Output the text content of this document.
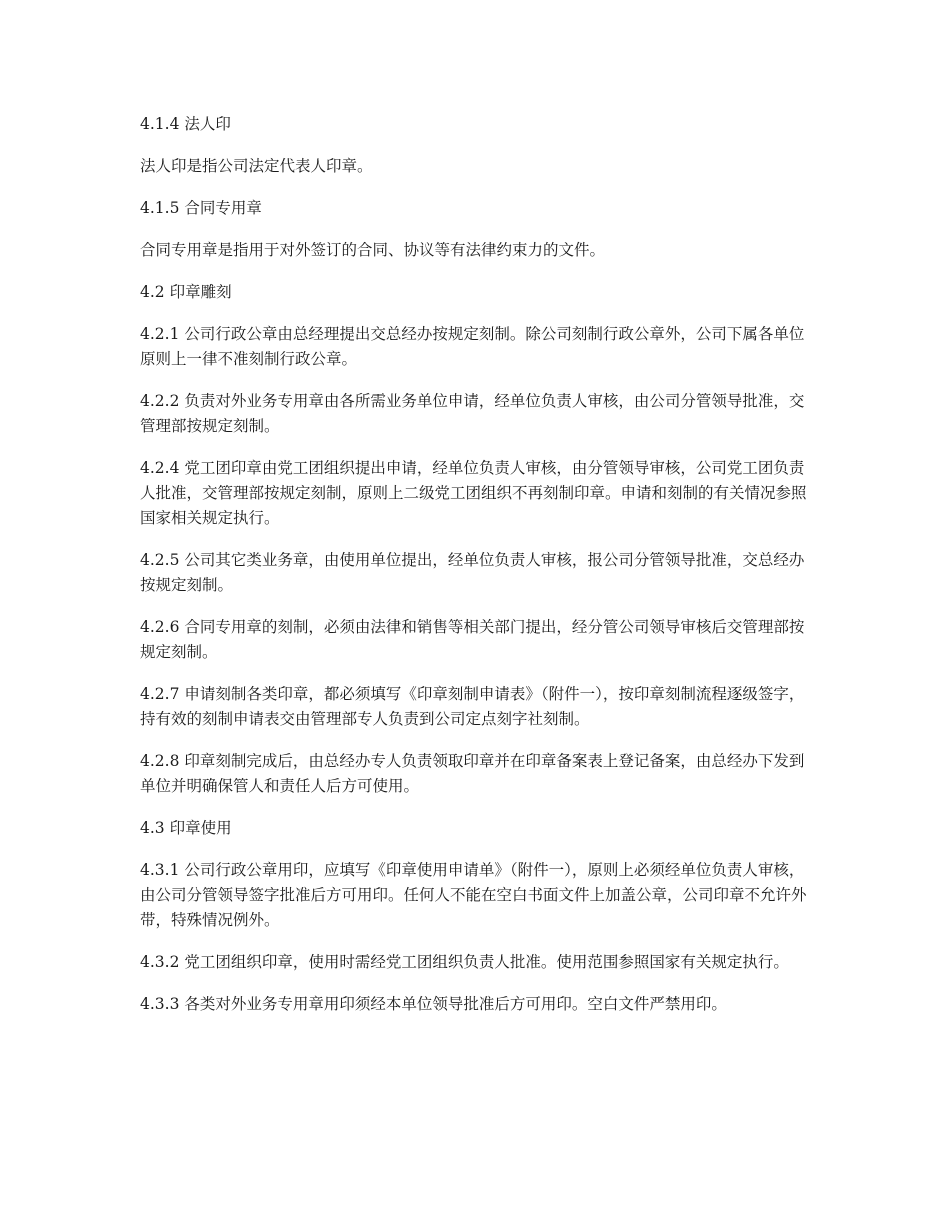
4.1.4 法人印

法人印是指公司法定代表人印章。

4.1.5 合同专用章

合同专用章是指用于对外签订的合同、协议等有法律约束力的文件。

4.2 印章雕刻

4.2.1 公司行政公章由总经理提出交总经办按规定刻制。除公司刻制行政公章外，公司下属各单位原则上一律不准刻制行政公章。

4.2.2 负责对外业务专用章由各所需业务单位申请，经单位负责人审核，由公司分管领导批准，交管理部按规定刻制。

4.2.4 党工团印章由党工团组织提出申请，经单位负责人审核，由分管领导审核，公司党工团负责人批准，交管理部按规定刻制，原则上二级党工团组织不再刻制印章。申请和刻制的有关情况参照国家相关规定执行。

4.2.5 公司其它类业务章，由使用单位提出，经单位负责人审核，报公司分管领导批准，交总经办按规定刻制。

4.2.6 合同专用章的刻制，必须由法律和销售等相关部门提出，经分管公司领导审核后交管理部按规定刻制。

4.2.7 申请刻制各类印章，都必须填写《印章刻制申请表》（附件一），按印章刻制流程逐级签字，持有效的刻制申请表交由管理部专人负责到公司定点刻字社刻制。

4.2.8 印章刻制完成后，由总经办专人负责领取印章并在印章备案表上登记备案，由总经办下发到单位并明确保管人和责任人后方可使用。

4.3 印章使用

4.3.1 公司行政公章用印，应填写《印章使用申请单》（附件一），原则上必须经单位负责人审核，由公司分管领导签字批准后方可用印。任何人不能在空白书面文件上加盖公章，公司印章不允许外带，特殊情况例外。

4.3.2 党工团组织印章，使用时需经党工团组织负责人批准。使用范围参照国家有关规定执行。

4.3.3 各类对外业务专用章用印须经本单位领导批准后方可用印。空白文件严禁用印。
